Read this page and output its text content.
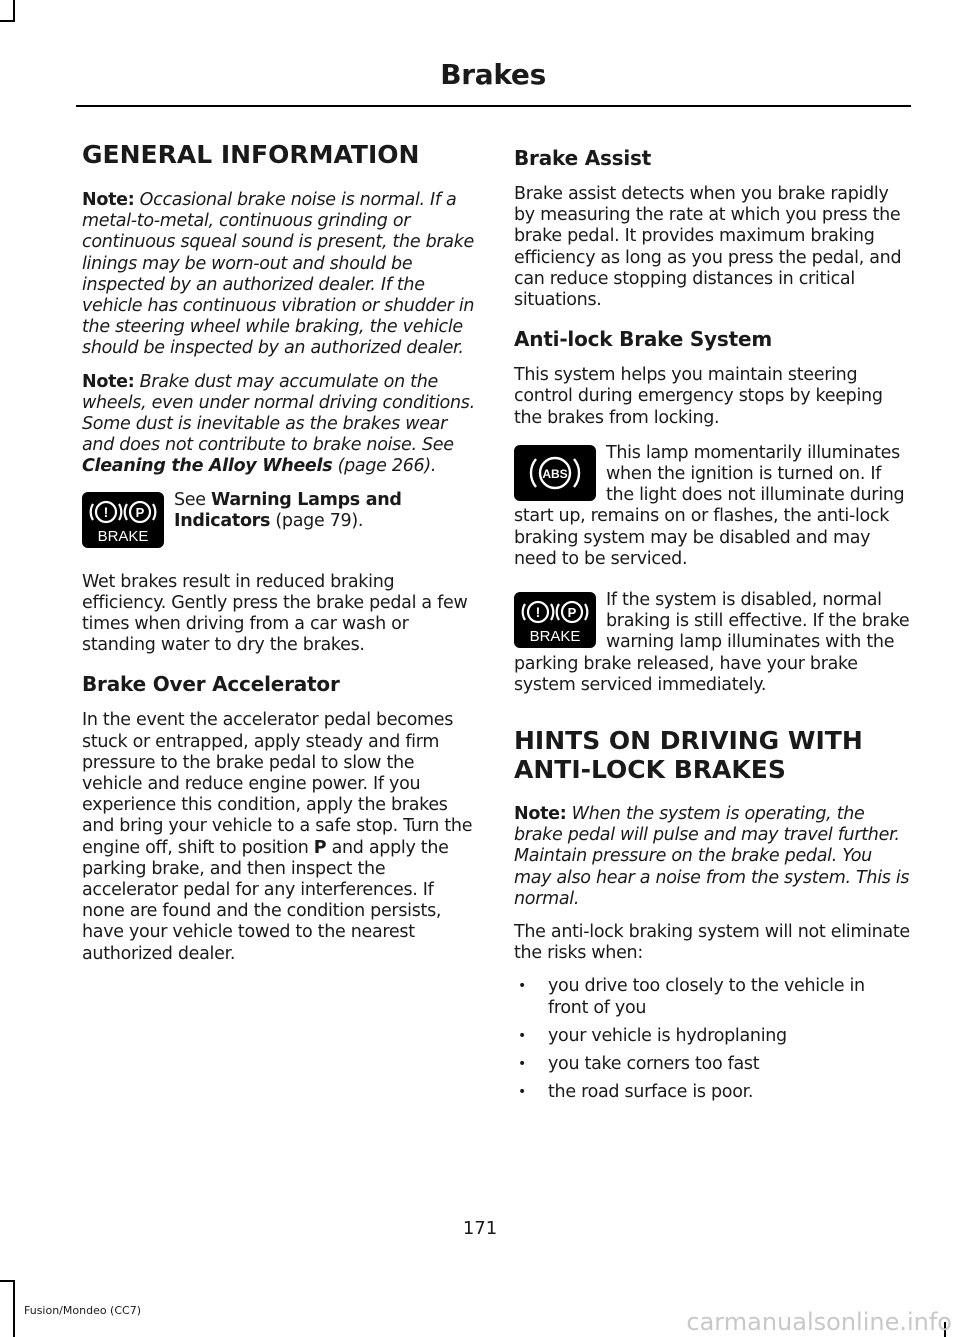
Brakes
GENERAL INFORMATION

Note: Occasional brake noise is normal. If a metal-to-metal, continuous grinding or continuous squeal sound is present, the brake linings may be worn-out and should be inspected by an authorized dealer. If the vehicle has continuous vibration or shudder in the steering wheel while braking, the vehicle should be inspected by an authorized dealer.

Note: Brake dust may accumulate on the wheels, even under normal driving conditions. Some dust is inevitable as the brakes wear and does not contribute to brake noise. See Cleaning the Alloy Wheels (page 266).

! P
BRAKE
See Warning Lamps and Indicators (page 79).

Wet brakes result in reduced braking efficiency. Gently press the brake pedal a few times when driving from a car wash or standing water to dry the brakes.

Brake Over Accelerator

In the event the accelerator pedal becomes stuck or entrapped, apply steady and firm pressure to the brake pedal to slow the vehicle and reduce engine power. If you experience this condition, apply the brakes and bring your vehicle to a safe stop. Turn the engine off, shift to position P and apply the parking brake, and then inspect the accelerator pedal for any interferences. If none are found and the condition persists, have your vehicle towed to the nearest authorized dealer.

Brake Assist

Brake assist detects when you brake rapidly by measuring the rate at which you press the brake pedal. It provides maximum braking efficiency as long as you press the pedal, and can reduce stopping distances in critical situations.

Anti-lock Brake System

This system helps you maintain steering control during emergency stops by keeping the brakes from locking.

ABS
This lamp momentarily illuminates when the ignition is turned on. If the light does not illuminate during start up, remains on or flashes, the anti-lock braking system may be disabled and may need to be serviced.
! P
BRAKE
If the system is disabled, normal braking is still effective. If the brake warning lamp illuminates with the parking brake released, have your brake system serviced immediately.
HINTS ON DRIVING WITH
ANTI-LOCK BRAKES

Note: When the system is operating, the brake pedal will pulse and may travel further. Maintain pressure on the brake pedal. You may also hear a noise from the system. This is normal.

The anti-lock braking system will not eliminate the risks when:

• you drive too closely to the vehicle in front of you
• your vehicle is hydroplaning
• you take corners too fast
• the road surface is poor.
171
Fusion/Mondeo (CC7)	carmanualsonline.info
